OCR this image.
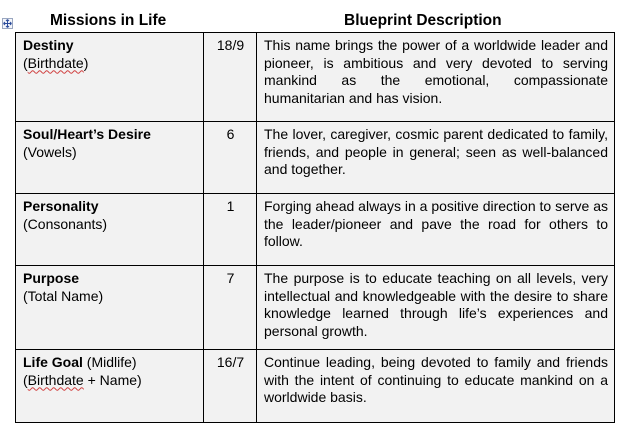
Missions in Life	Blueprint Description
Destiny
(Birthdate)	18/9	This name brings the power of a worldwide leader and pioneer, is ambitious and very devoted to serving mankind as the emotional, compassionate humanitarian and has vision.
Soul/Heart’s Desire
(Vowels)	6	The lover, caregiver, cosmic parent dedicated to family, friends, and people in general; seen as well-balanced and together.
Personality
(Consonants)	1	Forging ahead always in a positive direction to serve as the leader/pioneer and pave the road for others to follow.
Purpose
(Total Name)	7	The purpose is to educate teaching on all levels, very intellectual and knowledgeable with the desire to share knowledge learned through life’s experiences and personal growth.
Life Goal (Midlife)
(Birthdate + Name)	16/7	Continue leading, being devoted to family and friends with the intent of continuing to educate mankind on a worldwide basis.
